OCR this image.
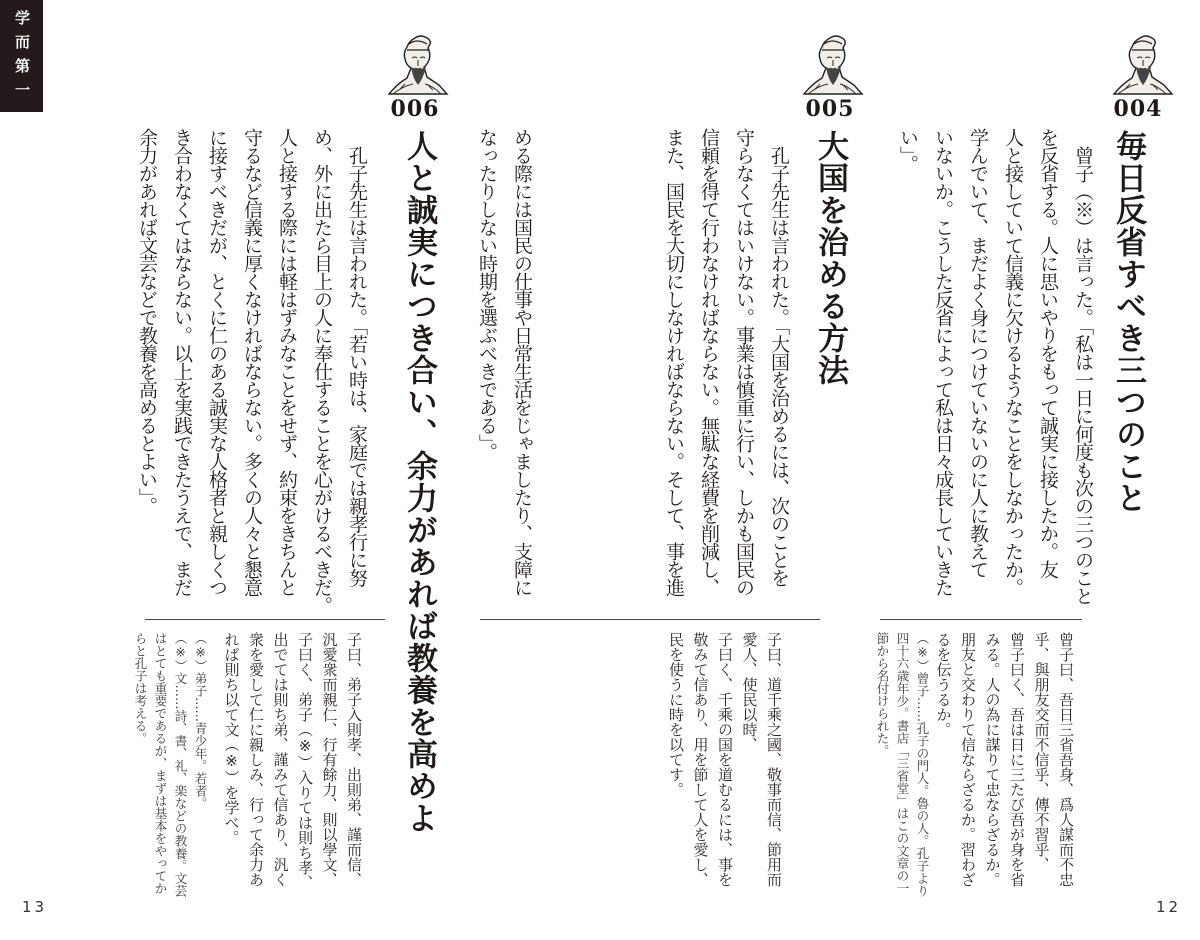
学而第一
004
毎日反省すべき三つのこと
　曾子（※）は言った。「私は一日に何度も次の三つのこと
を反省する。人に思いやりをもって誠実に接したか。友
人と接していて信義に欠けるようなことをしなかったか。
学んでいて、まだよく身につけていないのに人に教えて
いないか。こうした反省によって私は日々成長していきた
い」。
曾子曰、吾日三省吾身、爲人謀而不忠
乎、與朋友交而不信乎、傳不習乎、
曾子曰く、吾は日に三たび吾が身を省
みる。人の為に謀りて忠ならざるか。
朋友と交わりて信ならざるか。習わざ
るを伝うるか。
（※）曾子……孔子の門人。魯の人。孔子より
四十六歳年少。書店「三省堂」はこの文章の一
節から名付けられた。
005
大国を治める方法
　孔子先生は言われた。「大国を治めるには、次のことを
守らなくてはいけない。事業は慎重に行い、しかも国民の
信頼を得て行わなければならない。無駄な経費を削減し、
また、国民を大切にしなければならない。そして、事を進
める際には国民の仕事や日常生活をじゃましたり、支障に
なったりしない時期を選ぶべきである」。
子曰、道千乘之國、敬事而信、節用而
愛人、使民以時、
子曰く、千乘の国を道むるには、事を
敬みて信あり、用を節して人を愛し、
民を使うに時を以てす。
006
人と誠実につき合い、余力があれば教養を高めよ
　孔子先生は言われた。「若い時は、家庭では親孝行に努
め、外に出たら目上の人に奉仕することを心がけるべきだ。
人と接する際には軽はずみなことをせず、約束をきちんと
守るなど信義に厚くなければならない。多くの人々と懇意
に接すべきだが、とくに仁のある誠実な人格者と親しくつ
き合わなくてはならない。以上を実践できたうえで、まだ
余力があれば文芸などで教養を高めるとよい」。
子曰、弟子入則孝、出則弟、謹而信、
汎愛衆而親仁、行有餘力、則以學文、
子曰く、弟子（※）入りては則ち孝、
出でては則ち弟、謹みて信あり、汎く
衆を愛して仁に親しみ、行って余力あ
れば則ち以て文（※）を学べ。
（※）弟子……青少年。若者。
（※）文……詩、書、礼、楽などの教養。文芸
はとても重要であるが、まずは基本をやってか
らと孔子は考える。
13	12
